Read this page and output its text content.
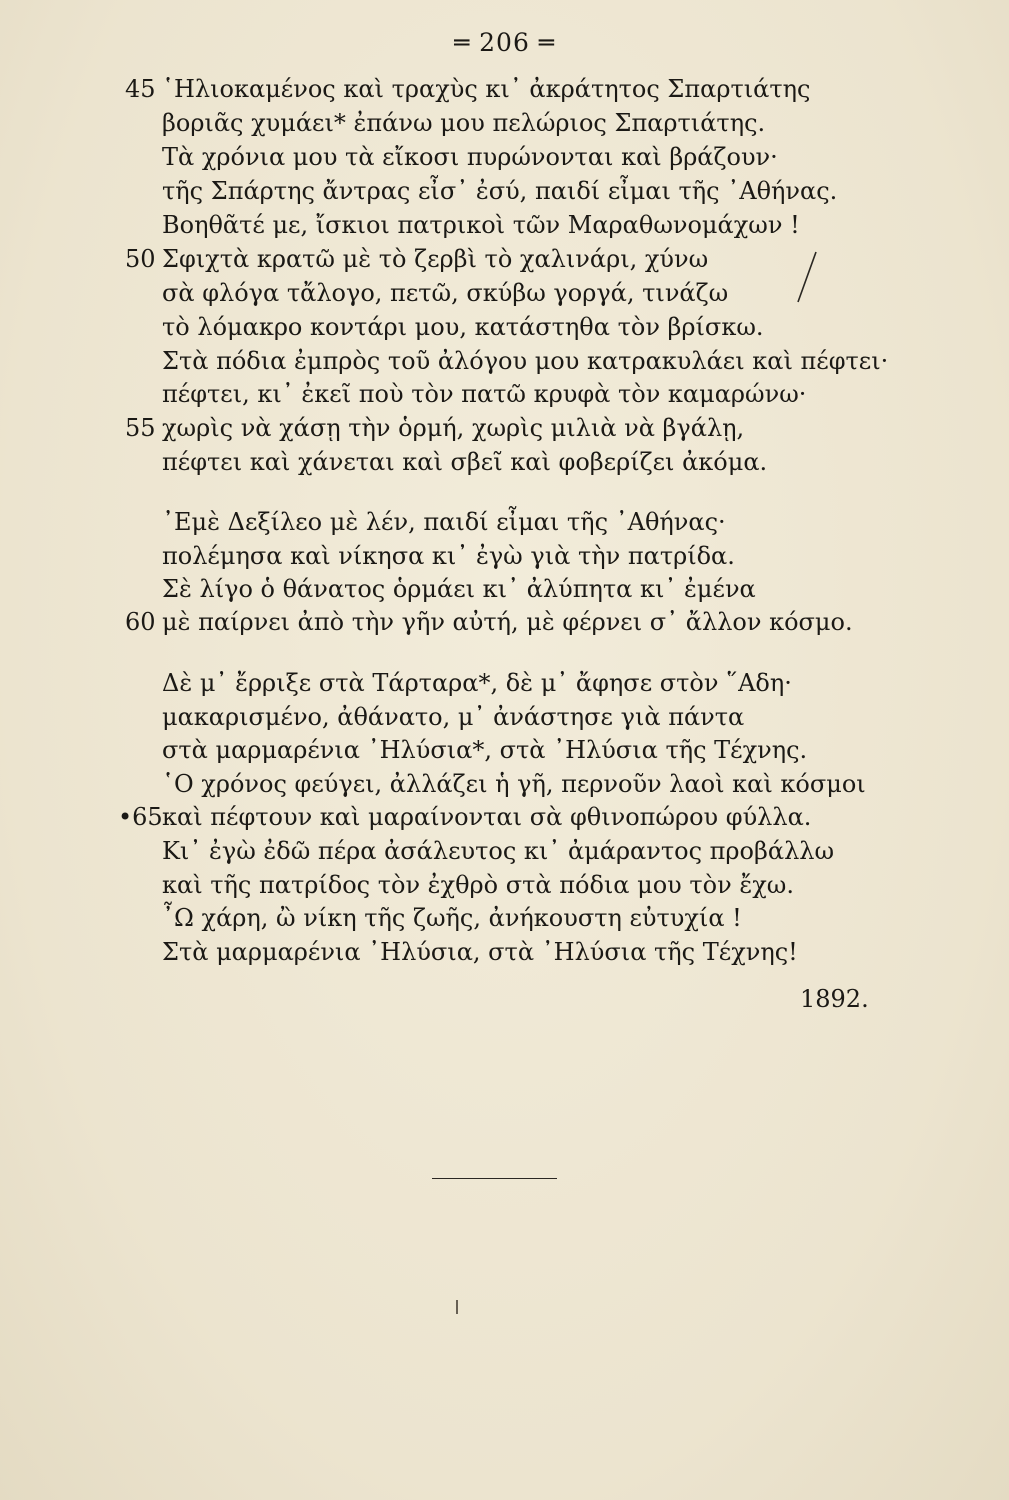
═ 206 ═
45
50
55
60
•65
῾Ηλιοκαμένος καὶ τραχὺς κι᾽ ἀκράτητος Σπαρτιάτης
βοριᾶς χυμάει* ἐπάνω μου πελώριος Σπαρτιάτης.
Τὰ χρόνια μου τὰ εἴκοσι πυρώνονται καὶ βράζουν·
τῆς Σπάρτης ἄντρας εἶσ᾽ ἐσύ, παιδί εἶμαι τῆς ᾿Αθήνας.
Βοηθᾶτέ με, ἴσκιοι πατρικοὶ τῶν Μαραθωνομάχων !
Σφιχτὰ κρατῶ μὲ τὸ ζερβὶ τὸ χαλινάρι, χύνω
σὰ φλόγα τἄλογο, πετῶ, σκύβω γοργά, τινάζω
τὸ λόμακρο κοντάρι μου, κατάστηθα τὸν βρίσκω.
Στὰ πόδια ἐμπρὸς τοῦ ἀλόγου μου κατρακυλάει καὶ πέφτει·
πέφτει, κι᾽ ἐκεῖ ποὺ τὸν πατῶ κρυφὰ τὸν καμαρώνω·
χωρὶς νὰ χάσῃ τὴν ὁρμή, χωρὶς μιλιὰ νὰ βγάλῃ,
πέφτει καὶ χάνεται καὶ σβεῖ καὶ φοβερίζει ἀκόμα.
᾿Εμὲ Δεξίλεο μὲ λέν, παιδί εἶμαι τῆς ᾿Αθήνας·
πολέμησα καὶ νίκησα κι᾽ ἐγὼ γιὰ τὴν πατρίδα.
Σὲ λίγο ὁ θάνατος ὁρμάει κι᾽ ἀλύπητα κι᾽ ἐμένα
μὲ παίρνει ἀπὸ τὴν γῆν αὐτή, μὲ φέρνει σ᾽ ἄλλον κόσμο.
Δὲ μ᾽ ἔρριξε στὰ Τάρταρα*, δὲ μ᾽ ἄφησε στὸν ῞Αδη·
μακαρισμένο, ἀθάνατο, μ᾽ ἀνάστησε γιὰ πάντα
στὰ μαρμαρένια ᾿Ηλύσια*, στὰ ᾿Ηλύσια τῆς Τέχνης.
῾Ο χρόνος φεύγει, ἀλλάζει ἡ γῆ, περνοῦν λαοὶ καὶ κόσμοι
καὶ πέφτουν καὶ μαραίνονται σὰ φθινοπώρου φύλλα.
Κι᾽ ἐγὼ ἐδῶ πέρα ἀσάλευτος κι᾽ ἀμάραντος προβάλλω
καὶ τῆς πατρίδος τὸν ἐχθρὸ στὰ πόδια μου τὸν ἔχω.
῏Ω χάρη, ὢ νίκη τῆς ζωῆς, ἀνήκουστη εὐτυχία !
Στὰ μαρμαρένια ᾿Ηλύσια, στὰ ᾿Ηλύσια τῆς Τέχνης!
1892.
